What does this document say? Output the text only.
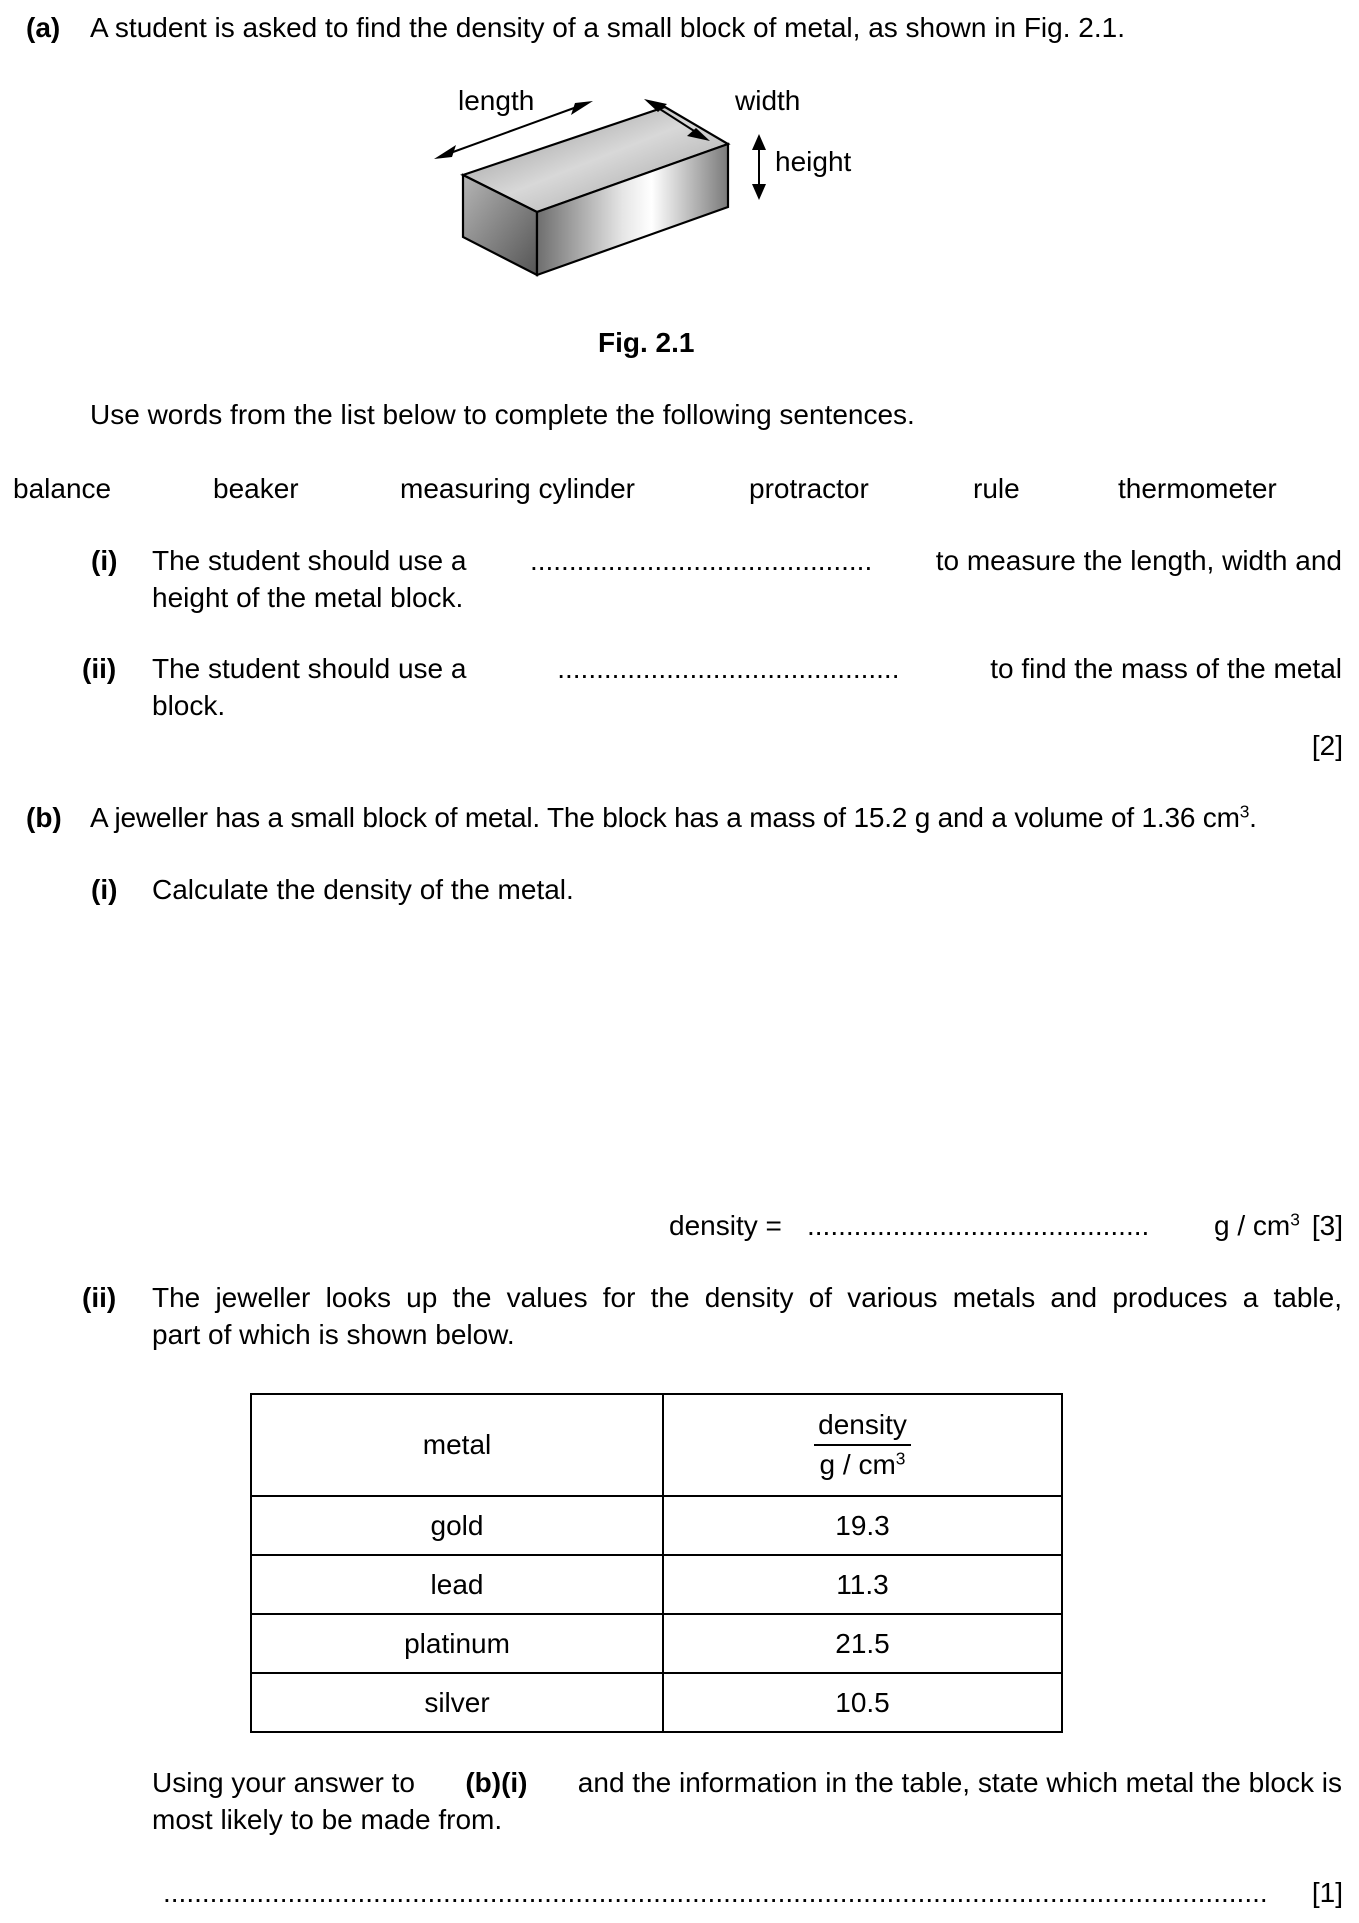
(a) A student is asked to find the density of a small block of metal, as shown in Fig. 2.1.
length	width
height
Fig. 2.1
Use words from the list below to complete the following sentences.
balance	beaker	measuring cylinder	protractor	rule	thermometer
(i) The student should use a ............................................ to measure the length, width and
height of the metal block.
(ii) The student should use a	............................................	to find the mass of the metal
block.
[2]
(b) A jeweller has a small block of metal. The block has a mass of 15.2 g and a volume of 1.36 $cm^3$.
(i) Calculate the density of the metal.
density = ............................................ g / $cm^3$ [3]
(ii) The jeweller looks up the values for the density of various metals and produces a table,
part of which is shown below.
metal	$\frac{\text{density}}{g / cm^3}$

gold	19.3
lead	11.3
platinum	21.5
silver	10.5
Using your answer to (b)(i) and the information in the table, state which metal the block is
most likely to be made from.
..............................................................................................................................................	[1]
